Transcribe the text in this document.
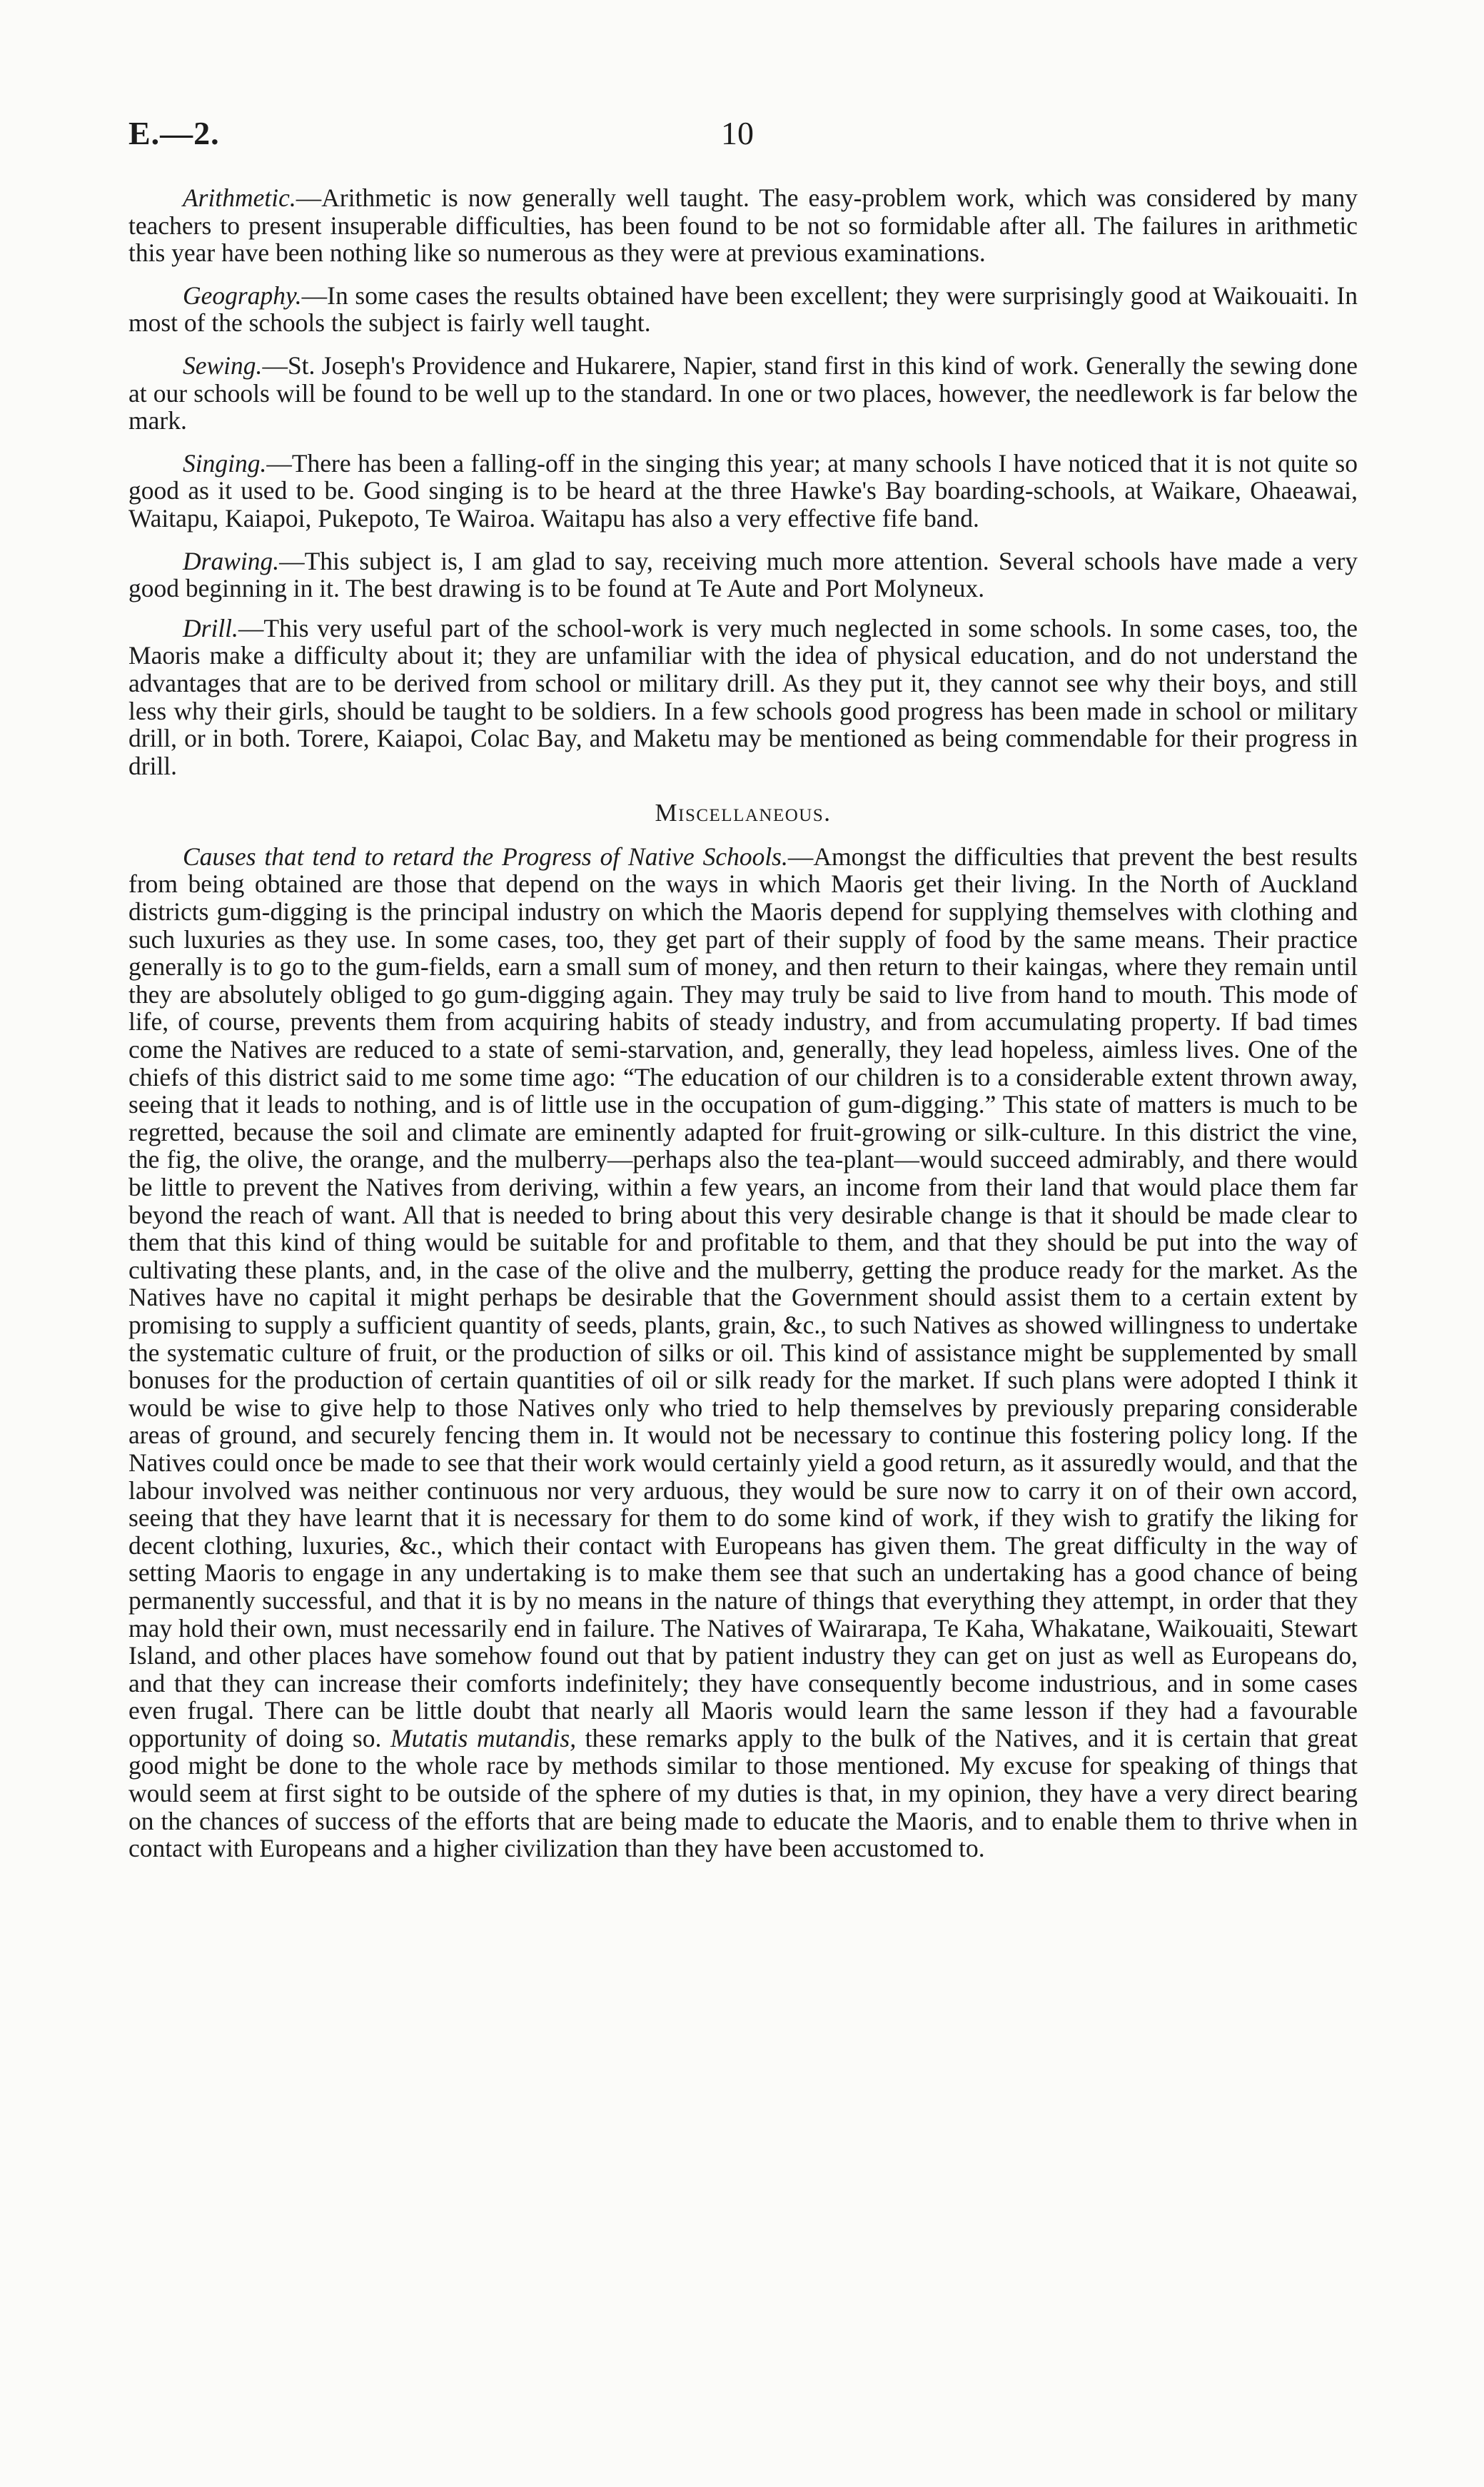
E.—2.	10

Arithmetic.—Arithmetic is now generally well taught. The easy-problem work, which was considered by many teachers to present insuperable difficulties, has been found to be not so formidable after all. The failures in arithmetic this year have been nothing like so numerous as they were at previous examinations.

Geography.—In some cases the results obtained have been excellent; they were surprisingly good at Waikouaiti. In most of the schools the subject is fairly well taught.

Sewing.—St. Joseph's Providence and Hukarere, Napier, stand first in this kind of work. Generally the sewing done at our schools will be found to be well up to the standard. In one or two places, however, the needlework is far below the mark.

Singing.—There has been a falling-off in the singing this year; at many schools I have noticed that it is not quite so good as it used to be. Good singing is to be heard at the three Hawke's Bay boarding-schools, at Waikare, Ohaeawai, Waitapu, Kaiapoi, Pukepoto, Te Wairoa. Waitapu has also a very effective fife band.

Drawing.—This subject is, I am glad to say, receiving much more attention. Several schools have made a very good beginning in it. The best drawing is to be found at Te Aute and Port Molyneux.

Drill.—This very useful part of the school-work is very much neglected in some schools. In some cases, too, the Maoris make a difficulty about it; they are unfamiliar with the idea of physical education, and do not understand the advantages that are to be derived from school or military drill. As they put it, they cannot see why their boys, and still less why their girls, should be taught to be soldiers. In a few schools good progress has been made in school or military drill, or in both. Torere, Kaiapoi, Colac Bay, and Maketu may be mentioned as being commendable for their progress in drill.

Miscellaneous.

Causes that tend to retard the Progress of Native Schools.—Amongst the difficulties that prevent the best results from being obtained are those that depend on the ways in which Maoris get their living. In the North of Auckland districts gum-digging is the principal industry on which the Maoris depend for supplying themselves with clothing and such luxuries as they use. In some cases, too, they get part of their supply of food by the same means. Their practice generally is to go to the gum-fields, earn a small sum of money, and then return to their kaingas, where they remain until they are absolutely obliged to go gum-digging again. They may truly be said to live from hand to mouth. This mode of life, of course, prevents them from acquiring habits of steady industry, and from accumulating property. If bad times come the Natives are reduced to a state of semi-starvation, and, generally, they lead hopeless, aimless lives. One of the chiefs of this district said to me some time ago: “The education of our children is to a considerable extent thrown away, seeing that it leads to nothing, and is of little use in the occupation of gum-digging.” This state of matters is much to be regretted, because the soil and climate are eminently adapted for fruit-growing or silk-culture. In this district the vine, the fig, the olive, the orange, and the mulberry—perhaps also the tea-plant—would succeed admirably, and there would be little to prevent the Natives from deriving, within a few years, an income from their land that would place them far beyond the reach of want. All that is needed to bring about this very desirable change is that it should be made clear to them that this kind of thing would be suitable for and profitable to them, and that they should be put into the way of cultivating these plants, and, in the case of the olive and the mulberry, getting the produce ready for the market. As the Natives have no capital it might perhaps be desirable that the Government should assist them to a certain extent by promising to supply a sufficient quantity of seeds, plants, grain, &c., to such Natives as showed willingness to undertake the systematic culture of fruit, or the production of silks or oil. This kind of assistance might be supplemented by small bonuses for the production of certain quantities of oil or silk ready for the market. If such plans were adopted I think it would be wise to give help to those Natives only who tried to help themselves by previously preparing considerable areas of ground, and securely fencing them in. It would not be necessary to continue this fostering policy long. If the Natives could once be made to see that their work would certainly yield a good return, as it assuredly would, and that the labour involved was neither continuous nor very arduous, they would be sure now to carry it on of their own accord, seeing that they have learnt that it is necessary for them to do some kind of work, if they wish to gratify the liking for decent clothing, luxuries, &c., which their contact with Europeans has given them. The great difficulty in the way of setting Maoris to engage in any undertaking is to make them see that such an undertaking has a good chance of being permanently successful, and that it is by no means in the nature of things that everything they attempt, in order that they may hold their own, must necessarily end in failure. The Natives of Wairarapa, Te Kaha, Whakatane, Waikouaiti, Stewart Island, and other places have somehow found out that by patient industry they can get on just as well as Europeans do, and that they can increase their comforts indefinitely; they have consequently become industrious, and in some cases even frugal. There can be little doubt that nearly all Maoris would learn the same lesson if they had a favourable opportunity of doing so. Mutatis mutandis, these remarks apply to the bulk of the Natives, and it is certain that great good might be done to the whole race by methods similar to those mentioned. My excuse for speaking of things that would seem at first sight to be outside of the sphere of my duties is that, in my opinion, they have a very direct bearing on the chances of success of the efforts that are being made to educate the Maoris, and to enable them to thrive when in contact with Europeans and a higher civilization than they have been accustomed to.
